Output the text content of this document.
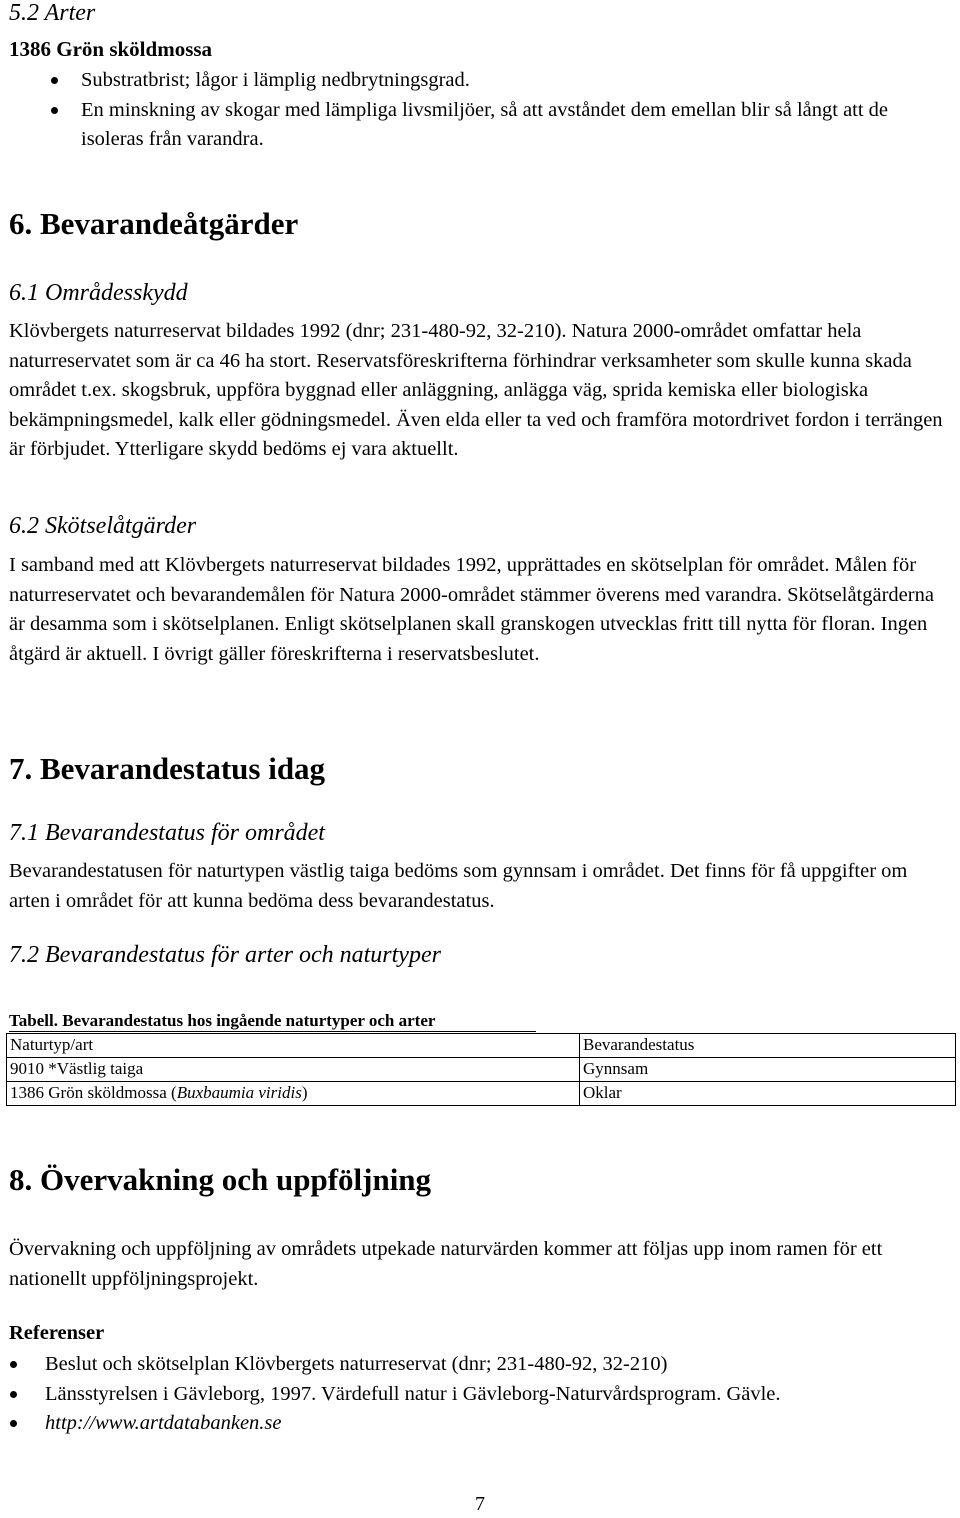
5.2 Arter
1386 Grön sköldmossa
Substratbrist; lågor i lämplig nedbrytningsgrad.
En minskning av skogar med lämpliga livsmiljöer, så att avståndet dem emellan blir så långt att de isoleras från varandra.
6. Bevarandeåtgärder
6.1 Områdesskydd
Klövbergets naturreservat bildades 1992 (dnr; 231-480-92, 32-210). Natura 2000-området omfattar hela naturreservatet som är ca 46 ha stort. Reservatsföreskrifterna förhindrar verksamheter som skulle kunna skada området t.ex. skogsbruk, uppföra byggnad eller anläggning, anlägga väg, sprida kemiska eller biologiska bekämpningsmedel, kalk eller gödningsmedel. Även elda eller ta ved och framföra motordrivet fordon i terrängen är förbjudet. Ytterligare skydd bedöms ej vara aktuellt.
6.2 Skötselåtgärder
I samband med att Klövbergets naturreservat bildades 1992, upprättades en skötselplan för området. Målen för naturreservatet och bevarandemålen för Natura 2000-området stämmer överens med varandra. Skötselåtgärderna är desamma som i skötselplanen. Enligt skötselplanen skall granskogen utvecklas fritt till nytta för floran. Ingen åtgärd är aktuell. I övrigt gäller föreskrifterna i reservatsbeslutet.
7. Bevarandestatus idag
7.1 Bevarandestatus för området
Bevarandestatusen för naturtypen västlig taiga bedöms som gynnsam i området. Det finns för få uppgifter om arten i området för att kunna bedöma dess bevarandestatus.
7.2 Bevarandestatus för arter och naturtyper
Tabell. Bevarandestatus hos ingående naturtyper och arter
Naturtyp/art	Bevarandestatus
9010 *Västlig taiga	Gynnsam
1386 Grön sköldmossa (Buxbaumia viridis)	Oklar
8. Övervakning och uppföljning
Övervakning och uppföljning av områdets utpekade naturvärden kommer att följas upp inom ramen för ett nationellt uppföljningsprojekt.
Referenser
Beslut och skötselplan Klövbergets naturreservat (dnr; 231-480-92, 32-210)
Länsstyrelsen i Gävleborg, 1997. Värdefull natur i Gävleborg-Naturvårdsprogram. Gävle.
http://www.artdatabanken.se
7
